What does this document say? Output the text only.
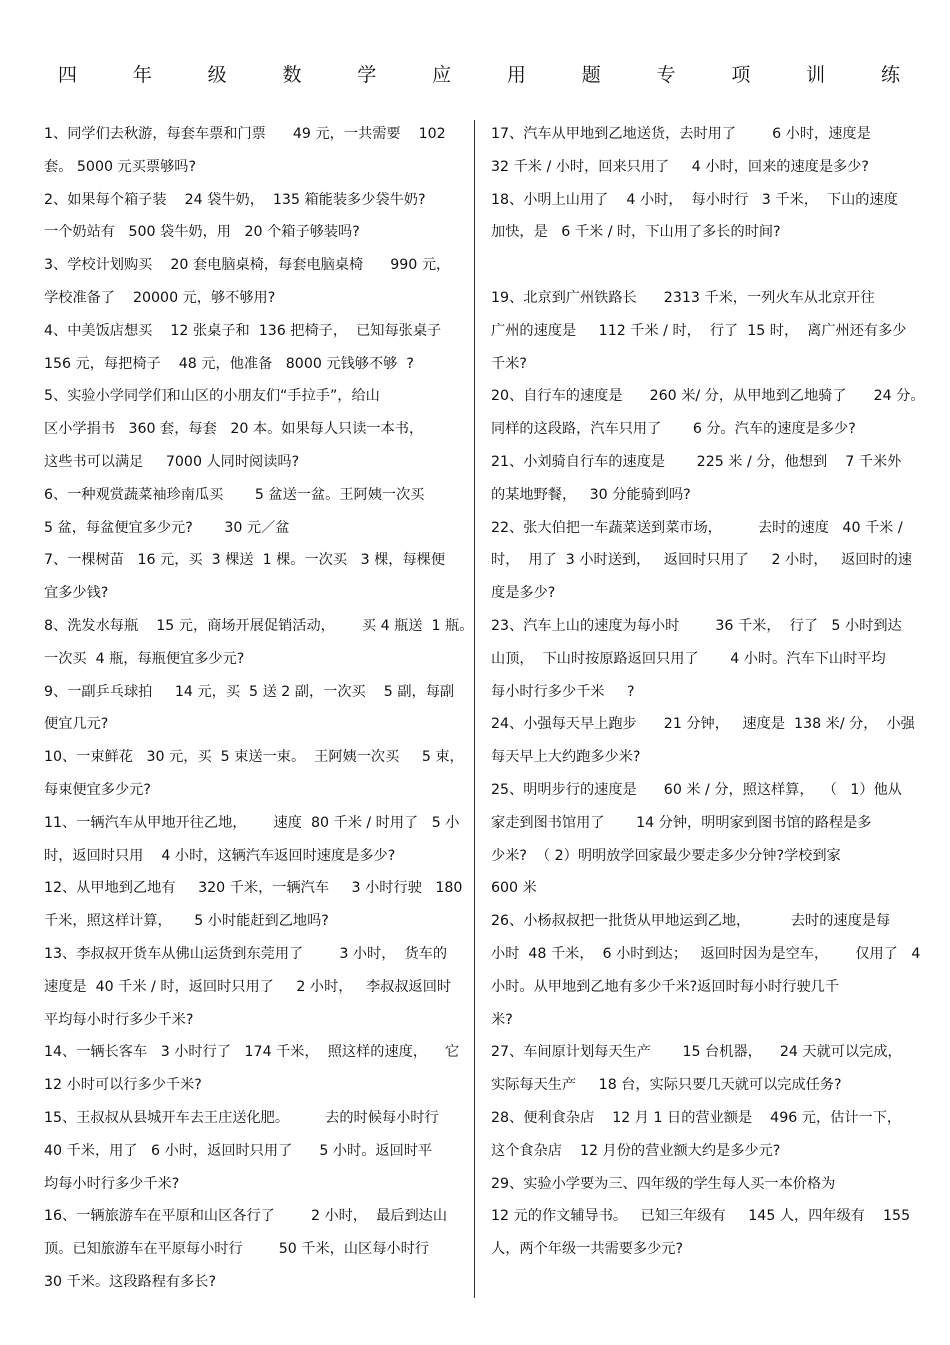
四	年	级	数	学	应	用	题	专	项	训	练
1、同学们去秋游，每套车票和门票      49 元，一共需要    102
套。 5000 元买票够吗?
2、如果每个箱子装    24 袋牛奶，  135 箱能装多少袋牛奶?
一个奶站有   500 袋牛奶，用   20 个箱子够装吗?
3、学校计划购买    20 套电脑桌椅，每套电脑桌椅      990 元，
学校准备了    20000 元，够不够用?
4、中美饭店想买    12 张桌子和  136 把椅子，  已知每张桌子
156 元，每把椅子    48 元，他准备   8000 元钱够不够  ?
5、实验小学同学们和山区的小朋友们“手拉手”，给山
区小学捐书   360 套，每套   20 本。如果每人只读一本书，
这些书可以满足     7000 人同时阅读吗?
6、一种观赏蔬菜袖珍南瓜买       5 盆送一盆。王阿姨一次买
5 盆，每盆便宜多少元?       30 元／盆
7、一棵树苗   16 元，买  3 棵送  1 棵。一次买   3 棵，每棵便
宜多少钱?
8、洗发水每瓶    15 元，商场开展促销活动，      买 4 瓶送  1 瓶。
一次买  4 瓶，每瓶便宜多少元?
9、一副乒乓球拍     14 元，买  5 送 2 副，一次买    5 副，每副
便宜几元?
10、一束鲜花   30 元，买  5 束送一束。  王阿姨一次买     5 束，
每束便宜多少元?
11、一辆汽车从甲地开往乙地，      速度  80 千米 / 时用了   5 小
时，返回时只用    4 小时，这辆汽车返回时速度是多少?
12、从甲地到乙地有     320 千米，一辆汽车     3 小时行驶   180
千米，照这样计算，     5 小时能赶到乙地吗?
13、李叔叔开货车从佛山运货到东莞用了        3 小时，  货车的
速度是  40 千米 / 时，返回时只用了     2 小时，   李叔叔返回时
平均每小时行多少千米?
14、一辆长客车   3 小时行了   174 千米，  照这样的速度，    它
12 小时可以行多少千米?
15、王叔叔从县城开车去王庄送化肥。        去的时候每小时行
40 千米，用了   6 小时，返回时只用了      5 小时。返回时平
均每小时行多少千米?
16、一辆旅游车在平原和山区各行了        2 小时，  最后到达山
顶。已知旅游车在平原每小时行        50 千米，山区每小时行
30 千米。这段路程有多长?
17、汽车从甲地到乙地送货，去时用了        6 小时，速度是
32 千米 / 小时，回来只用了     4 小时，回来的速度是多少?
18、小明上山用了    4 小时，  每小时行   3 千米，  下山的速度
加快，是   6 千米 / 时，下山用了多长的时间?
19、北京到广州铁路长      2313 千米，一列火车从北京开往
广州的速度是     112 千米 / 时，  行了  15 时，  离广州还有多少
千米?
20、自行车的速度是      260 米/ 分，从甲地到乙地骑了      24 分。
同样的这段路，汽车只用了       6 分。汽车的速度是多少?
21、小刘骑自行车的速度是       225 米 / 分，他想到    7 千米外
的某地野餐，   30 分能骑到吗?
22、张大伯把一车蔬菜送到菜市场，        去时的速度   40 千米 /
时，  用了  3 小时送到，   返回时只用了     2 小时，   返回时的速
度是多少?
23、汽车上山的速度为每小时        36 千米，  行了   5 小时到达
山顶，  下山时按原路返回只用了       4 小时。汽车下山时平均
每小时行多少千米     ?
24、小强每天早上跑步      21 分钟，   速度是  138 米/ 分，  小强
每天早上大约跑多少米?
25、明明步行的速度是      60 米 / 分，照这样算，  （   1）他从
家走到图书馆用了       14 分钟，明明家到图书馆的路程是多
少米?  （ 2）明明放学回家最少要走多少分钟?学校到家
600 米
26、小杨叔叔把一批货从甲地运到乙地，         去时的速度是每
小时  48 千米，  6 小时到达；   返回时因为是空车，      仅用了   4
小时。从甲地到乙地有多少千米?返回时每小时行驶几千
米?
27、车间原计划每天生产       15 台机器，    24 天就可以完成，
实际每天生产     18 台，实际只要几天就可以完成任务?
28、便利食杂店    12 月 1 日的营业额是    496 元，估计一下，
这个食杂店    12 月份的营业额大约是多少元?
29、实验小学要为三、四年级的学生每人买一本价格为
12 元的作文辅导书。   已知三年级有     145 人，四年级有    155
人，两个年级一共需要多少元?
